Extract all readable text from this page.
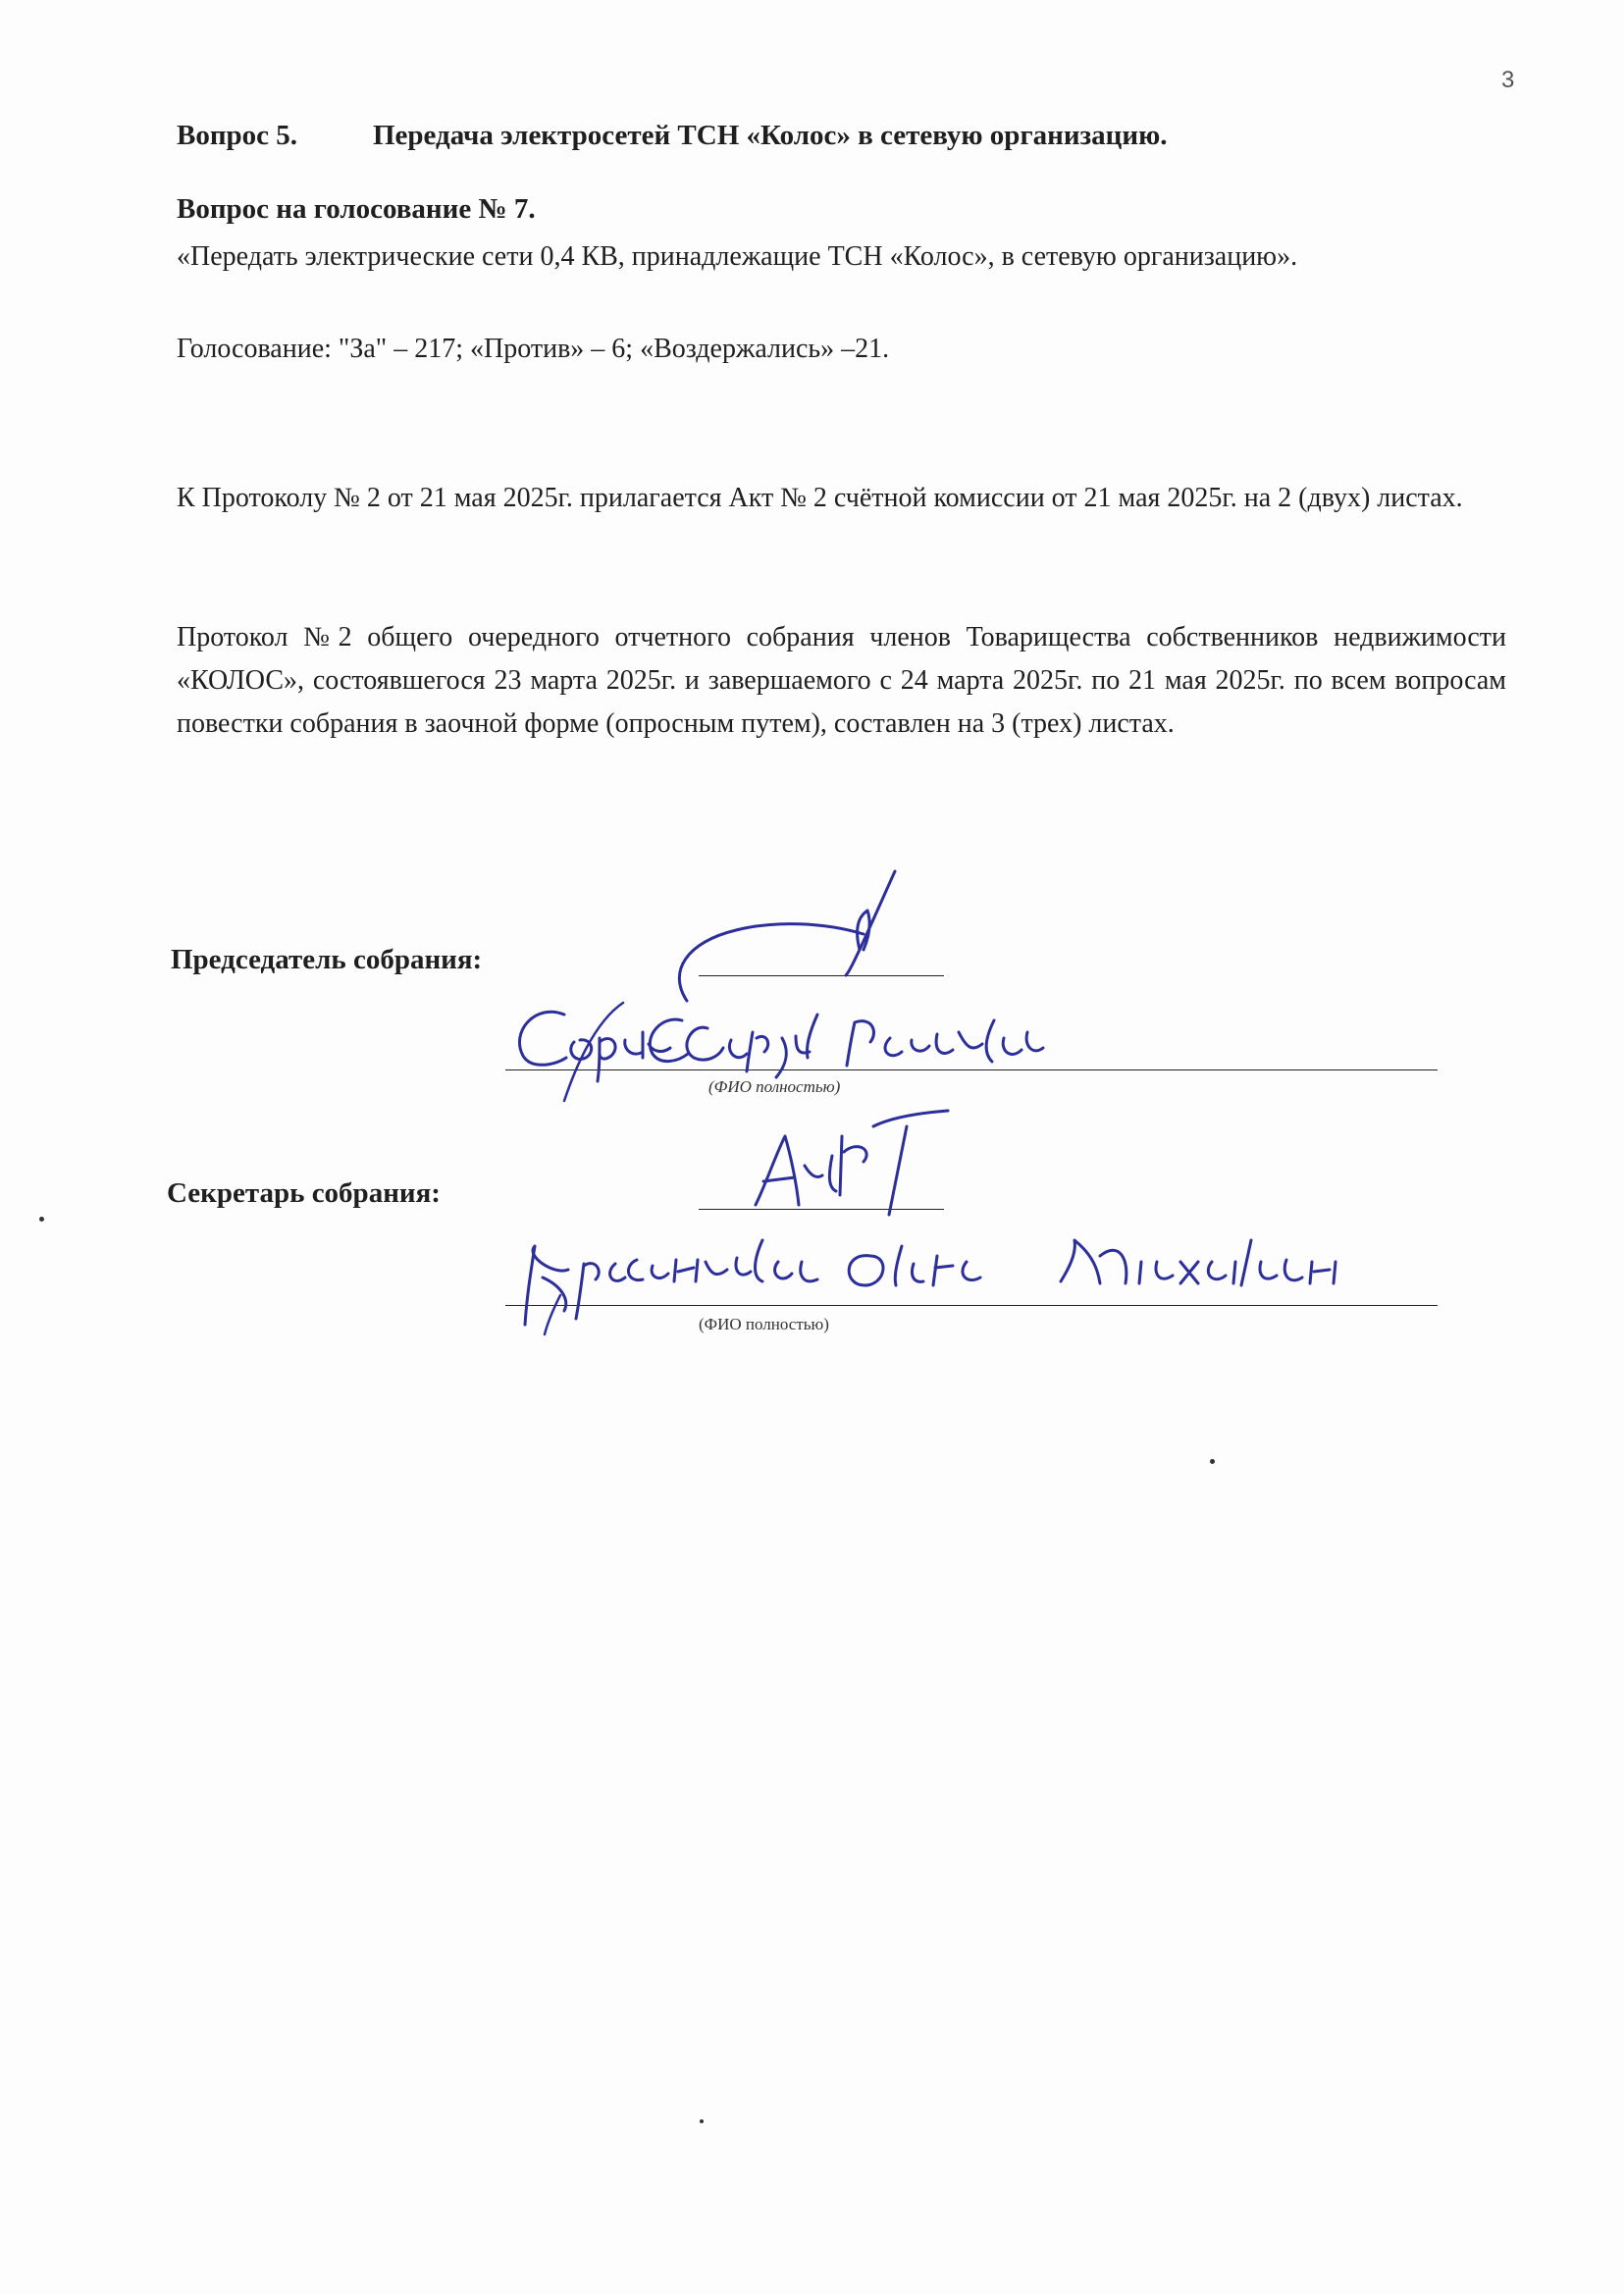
3
Вопрос 5.	Передача электросетей ТСН «Колос» в сетевую организацию.
Вопрос на голосование № 7.
«Передать электрические сети 0,4 КВ, принадлежащие ТСН «Колос», в сетевую организацию».
Голосование: "За" – 217; «Против» – 6; «Воздержались» –21.
К Протоколу № 2 от 21 мая 2025г. прилагается Акт № 2 счётной комиссии от 21 мая 2025г. на 2 (двух) листах.
Протокол №2 общего очередного отчетного собрания членов Товарищества собственников недвижимости «КОЛОС», состоявшегося 23 марта 2025г. и завершаемого с 24 марта 2025г. по 21 мая 2025г. по всем вопросам повестки собрания в заочной форме (опросным путем), составлен на 3 (трех) листах.
Председатель собрания:
(ФИО полностью)
Секретарь собрания:
(ФИО полностью)
